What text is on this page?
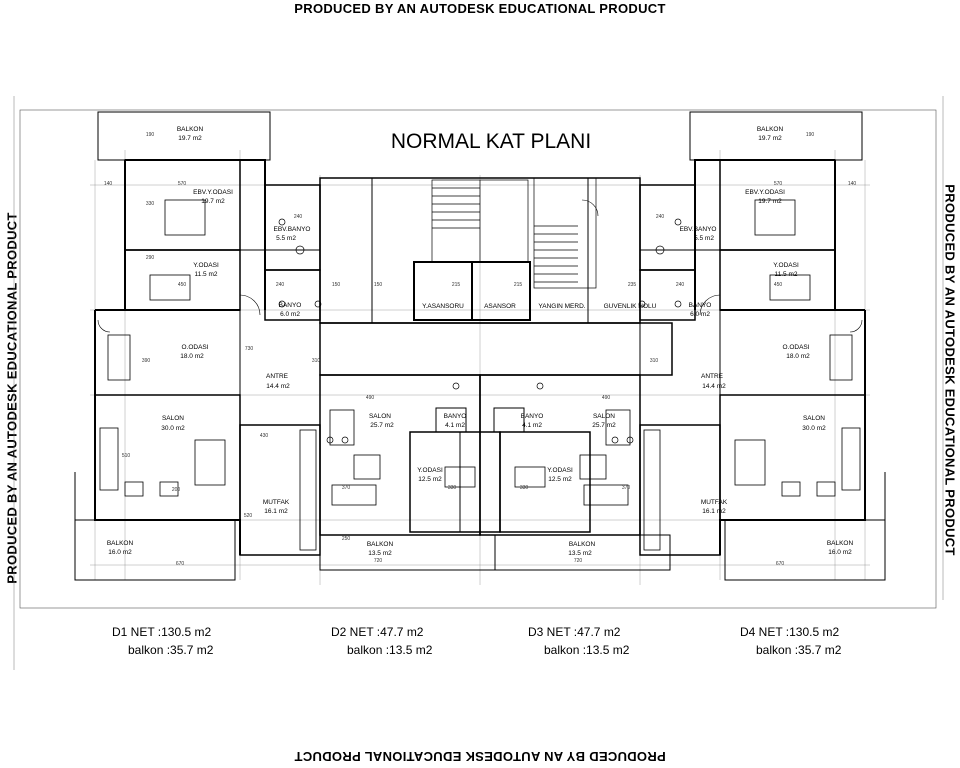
PRODUCED BY AN AUTODESK EDUCATIONAL PRODUCT
PRODUCED BY AN AUTODESK EDUCATIONAL PRODUCT
PRODUCED BY AN AUTODESK EDUCATIONAL PRODUCT	PRODUCED BY AN AUTODESK EDUCATIONAL PRODUCT
NORMAL KAT PLANI
Y.ASANSORU	ASANSOR	YANGIN MERD.	GUVENLIK HOLU
BALKON
19.7 m2
EBV.Y.ODASI
19.7 m2
EBV.BANYO
5.5 m2
Y.ODASI
11.5 m2
BANYO
6.0 m2
O.ODASI
18.0 m2
ANTRE
14.4 m2
SALON
30.0 m2
MUTFAK
16.1 m2
BALKON
16.0 m2
BALKON
19.7 m2
EBV.Y.ODASI
19.7 m2
EBV.BANYO
5.5 m2
Y.ODASI
11.5 m2
BANYO
6.0 m2
O.ODASI
18.0 m2
ANTRE
14.4 m2
SALON
30.0 m2
MUTFAK
16.1 m2
BALKON
16.0 m2
SALON
25.7 m2
BANYO
4.1 m2
Y.ODASI
12.5 m2
BALKON
13.5 m2
SALON
25.7 m2
BANYO
4.1 m2
Y.ODASI
12.5 m2
BALKON
13.5 m2
190
570
140
330
240
290
450	240	150	150	215	215	235
390	310	310
490	490
430
510
370	330	330	370
200
520
250
720	720
670	670
730
190
570	140
240
450
240
D1 NET :130.5 m2
balkon :35.7 m2
D2 NET :47.7 m2
balkon :13.5 m2
D3 NET :47.7 m2
balkon :13.5 m2
D4 NET :130.5 m2
balkon :35.7 m2
